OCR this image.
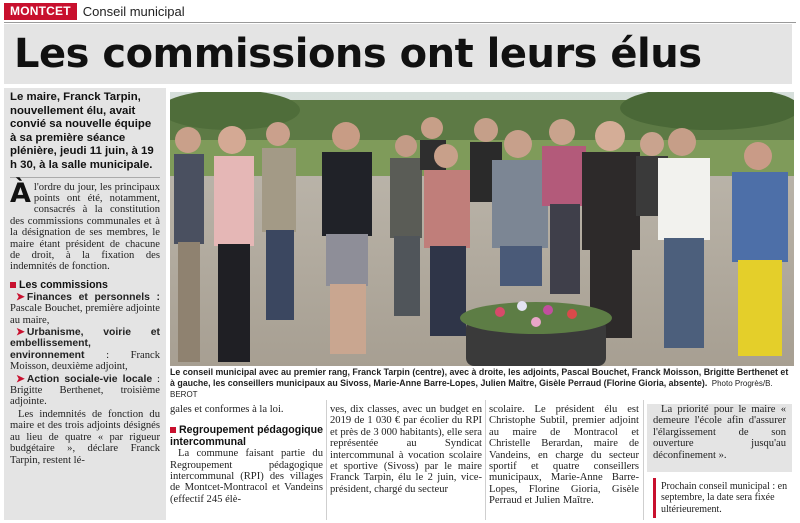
MONTCET Conseil municipal
Les commissions ont leurs élus
Le maire, Franck Tarpin, nouvellement élu, avait convié sa nouvelle équipe à sa première séance plénière, jeudi 11 juin, à 19 h 30, à la salle municipale.
À l'ordre du jour, les principaux points ont été, notamment, consacrés à la constitution des commissions communales et à la désignation de ses membres, le maire étant président de chacune de droit, à la fixation des indemnités de fonction.
Les commissions
➤ Finances et personnels : Pascale Bouchet, première adjointe au maire,
➤ Urbanisme, voirie et embellissement, environnement : Franck Moisson, deuxième adjoint,
➤ Action sociale-vie locale : Brigitte Berthenet, troisième adjointe.
Les indemnités de fonction du maire et des trois adjoints désignés au lieu de quatre « par rigueur budgétaire », déclare Franck Tarpin, restent lé-
Le conseil municipal avec au premier rang, Franck Tarpin (centre), avec à droite, les adjoints, Pascal Bouchet, Franck Moisson, Brigitte Berthenet et à gauche, les conseillers municipaux au Sivoss, Marie-Anne Barre-Lopes, Julien Maître, Gisèle Perraud (Florine Gioria, absente). Photo Progrès/B. BEROT
gales et conformes à la loi.
Regroupement pédagogique intercommunal
La commune faisant partie du Regroupement pédagogique intercommunal (RPI) des villages de Montcet-Montracol et Vandeins (effectif 245 élè-
ves, dix classes, avec un budget en 2019 de 1 030 € par écolier du RPI et près de 3 000 habitants), elle sera représentée au Syndicat intercommunal à vocation scolaire et sportive (Sivoss) par le maire Franck Tarpin, élu le 2 juin, vice-président, chargé du secteur
scolaire. Le président élu est Christophe Subtil, premier adjoint au maire de Montracol et Christelle Berardan, maire de Vandeins, en charge du secteur sportif et quatre conseillers municipaux, Marie-Anne Barre-Lopes, Florine Gioria, Gisèle Perraud et Julien Maître.
La priorité pour le maire « demeure l'école afin d'assurer l'élargissement de son ouverture jusqu'au déconfinement ».
Prochain conseil municipal : en septembre, la date sera fixée ultérieurement.
